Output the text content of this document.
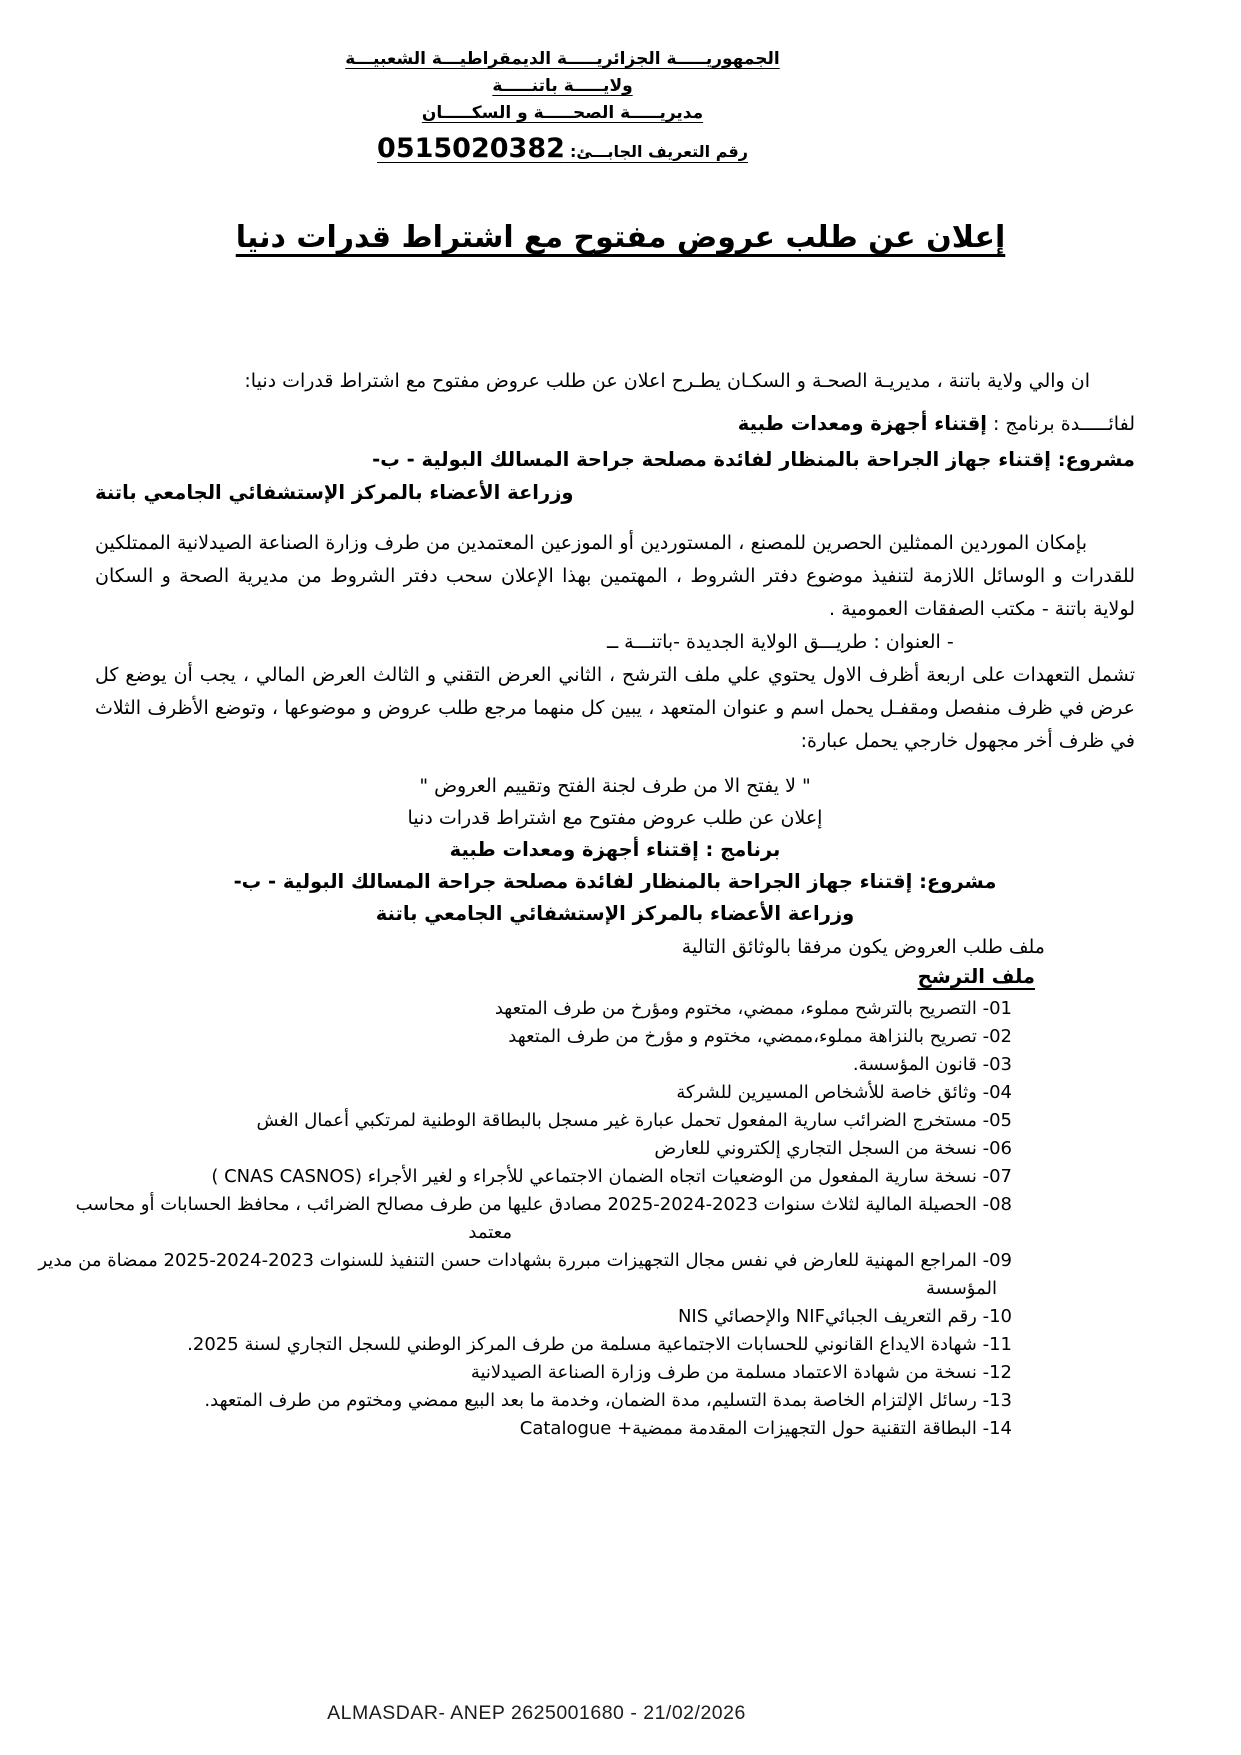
الجمهوريـــــة الجزائريـــــة الديمقراطيـــة الشعبيـــة
ولايـــــة باتنـــــة
مديريـــــة الصحـــــة و السكـــــان
رقم التعريف الجابـــئ: 0515020382
إعلان عن طلب عروض مفتوح مع اشتراط قدرات دنيا
ان والي ولاية باتنة ، مديريـة الصحـة و السكـان يطـرح اعلان عن طلب عروض مفتوح مع اشتراط قدرات دنيا:
لفائـــــدة برنامج : إقتناء أجهزة ومعدات طبية
مشروع: إقتناء جهاز الجراحة بالمنظار لفائدة مصلحة جراحة المسالك البولية - ب-
وزراعة الأعضاء بالمركز الإستشفائي الجامعي باتنة
بإمكان الموردين الممثلين الحصرين للمصنع ، المستوردين أو الموزعين المعتمدين من طرف وزارة الصناعة الصيدلانية الممتلكين للقدرات و الوسائل اللازمة لتنفيذ موضوع دفتر الشروط ، المهتمين بهذا الإعلان سحب دفتر الشروط من مديرية الصحة و السكان لولاية باتنة - مكتب الصفقات العمومية .
- العنوان : طريـــق الولاية الجديدة -باتنـــة ــ
تشمل التعهدات على اربعة أظرف الاول يحتوي علي ملف الترشح ، الثاني العرض التقني و الثالث العرض المالي ، يجب أن يوضع كل عرض في ظرف منفصل ومقفـل يحمل اسم و عنوان المتعهد ، يبين كل منهما مرجع طلب عروض و موضوعها ، وتوضع الأظرف الثلاث في ظرف أخر مجهول خارجي يحمل عبارة:
" لا يفتح الا من طرف لجنة الفتح وتقييم العروض "
إعلان عن طلب عروض مفتوح مع اشتراط قدرات دنيا
برنامج : إقتناء أجهزة ومعدات طبية
مشروع: إقتناء جهاز الجراحة بالمنظار لفائدة مصلحة جراحة المسالك البولية - ب-
وزراعة الأعضاء بالمركز الإستشفائي الجامعي باتنة
ملف طلب العروض يكون مرفقا بالوثائق التالية
ملف الترشح
01- التصريح بالترشح مملوء، ممضي، مختوم ومؤرخ من طرف المتعهد
02- تصريح بالنزاهة مملوء،ممضي، مختوم و مؤرخ من طرف المتعهد
03- قانون المؤسسة.
04- وثائق خاصة للأشخاص المسيرين للشركة
05- مستخرج الضرائب سارية المفعول تحمل عبارة غير مسجل بالبطاقة الوطنية لمرتكبي أعمال الغش
06- نسخة من السجل التجاري إلكتروني للعارض
07- نسخة سارية المفعول من الوضعيات اتجاه الضمان الاجتماعي للأجراء و لغير الأجراء (CNAS CASNOS )
08- الحصيلة المالية لثلاث سنوات 2023-2024-2025 مصادق عليها من طرف مصالح الضرائب ، محافظ الحسابات أو محاسب
معتمد
09- المراجع المهنية للعارض في نفس مجال التجهيزات مبررة بشهادات حسن التنفيذ للسنوات 2023-2024-2025 ممضاة من مدير
المؤسسة
10- رقم التعريف الجبائيNIF والإحصائي NIS
11- شهادة الايداع القانوني للحسابات الاجتماعية مسلمة من طرف المركز الوطني للسجل التجاري لسنة 2025.
12- نسخة من شهادة الاعتماد مسلمة من طرف وزارة الصناعة الصيدلانية
13- رسائل الإلتزام الخاصة بمدة التسليم، مدة الضمان، وخدمة ما بعد البيع ممضي ومختوم من طرف المتعهد.
14- البطاقة التقنية حول التجهيزات المقدمة ممضية+ Catalogue
ALMASDAR- ANEP 2625001680 - 21/02/2026
